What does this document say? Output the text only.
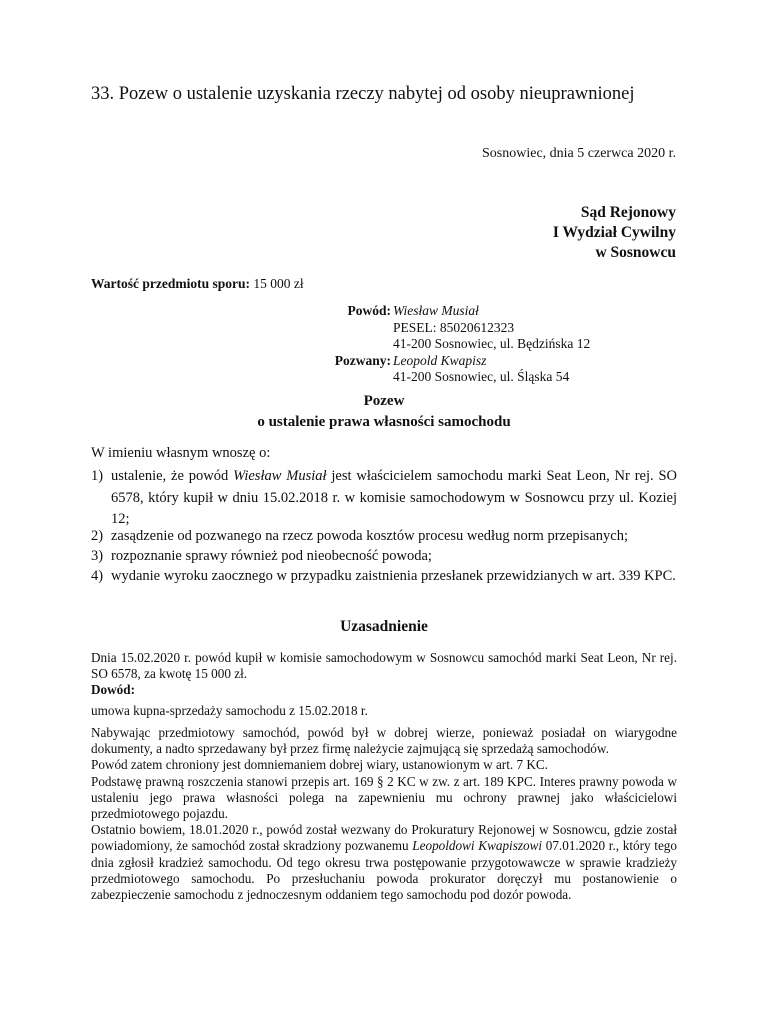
33. Pozew o ustalenie uzyskania rzeczy nabytej od osoby nieuprawnionej
Sosnowiec, dnia 5 czerwca 2020 r.
Sąd Rejonowy
I Wydział Cywilny
w Sosnowcu
Wartość przedmiotu sporu: 15 000 zł
Powód: Wiesław Musiał
PESEL: 85020612323
41-200 Sosnowiec, ul. Będzińska 12
Pozwany: Leopold Kwapisz
41-200 Sosnowiec, ul. Śląska 54
Pozew
o ustalenie prawa własności samochodu
W imieniu własnym wnoszę o:
1) ustalenie, że powód Wiesław Musiał jest właścicielem samochodu marki Seat Leon, Nr rej. SO 6578, który kupił w dniu 15.02.2018 r. w komisie samochodowym w Sosnowcu przy ul. Koziej 12;
2) zasądzenie od pozwanego na rzecz powoda kosztów procesu według norm przepisanych;
3) rozpoznanie sprawy również pod nieobecność powoda;
4) wydanie wyroku zaocznego w przypadku zaistnienia przesłanek przewidzianych w art. 339 KPC.
Uzasadnienie
Dnia 15.02.2020 r. powód kupił w komisie samochodowym w Sosnowcu samochód marki Seat Leon, Nr rej. SO 6578, za kwotę 15 000 zł.
Dowód:
umowa kupna-sprzedaży samochodu z 15.02.2018 r.
Nabywając przedmiotowy samochód, powód był w dobrej wierze, ponieważ posiadał on wiarygodne dokumenty, a nadto sprzedawany był przez firmę należycie zajmującą się sprzedażą samochodów.
Powód zatem chroniony jest domniemaniem dobrej wiary, ustanowionym w art. 7 KC.
Podstawę prawną roszczenia stanowi przepis art. 169 § 2 KC w zw. z art. 189 KPC. Interes prawny powoda w ustaleniu jego prawa własności polega na zapewnieniu mu ochrony prawnej jako właścicielowi przedmiotowego pojazdu.
Ostatnio bowiem, 18.01.2020 r., powód został wezwany do Prokuratury Rejonowej w Sosnowcu, gdzie został powiadomiony, że samochód został skradziony pozwanemu Leopoldowi Kwapiszowi 07.01.2020 r., który tego dnia zgłosił kradzież samochodu. Od tego okresu trwa postępowanie przygotowawcze w sprawie kradzieży przedmiotowego samochodu. Po przesłuchaniu powoda prokurator doręczył mu postanowienie o zabezpieczenie samochodu z jednoczesnym oddaniem tego samochodu pod dozór powoda.
